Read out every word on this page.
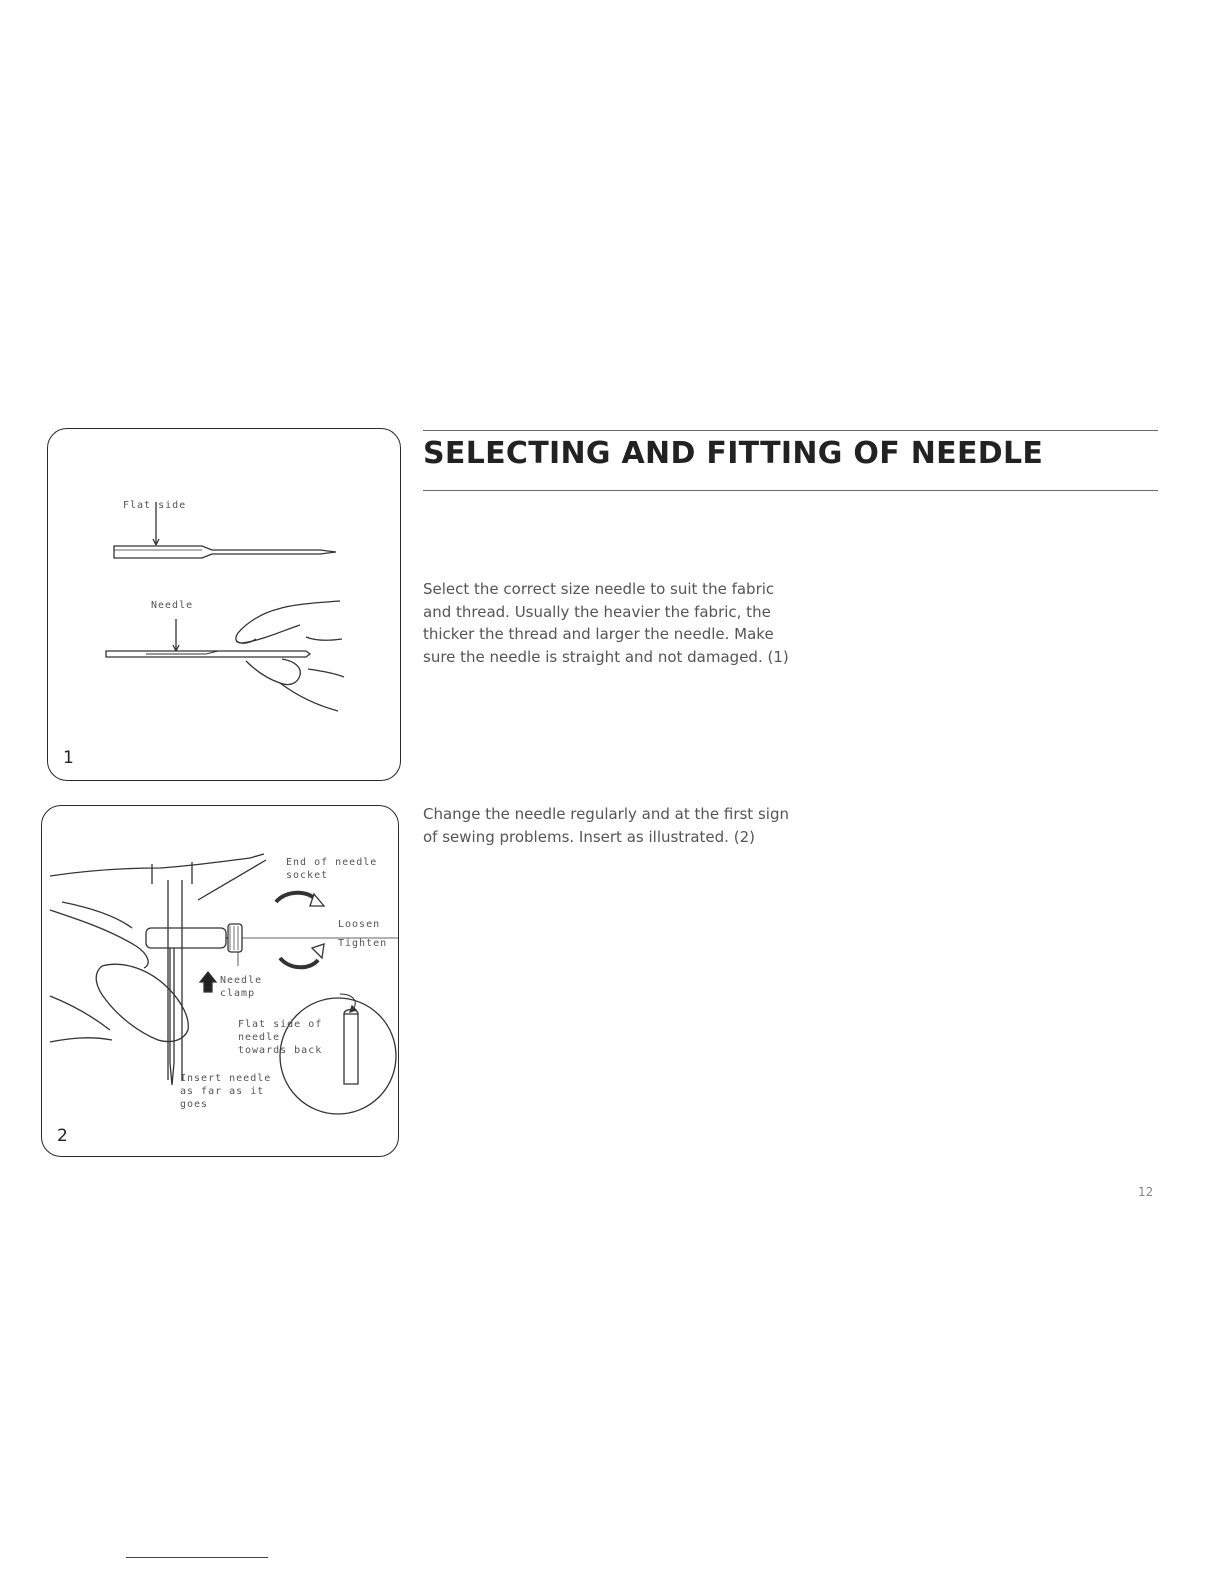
Flat side
Needle
1
End of needle socket
Loosen
Tighten
Needle clamp
Flat side of needle towards back
Insert needle as far as it goes
2
SELECTING AND FITTING OF NEEDLE

Select the correct size needle to suit the fabric and thread. Usually the heavier the fabric, the thicker the thread and larger the needle. Make sure the needle is straight and not damaged. (1)

Change the needle regularly and at the first sign of sewing problems. Insert as illustrated. (2)

12
